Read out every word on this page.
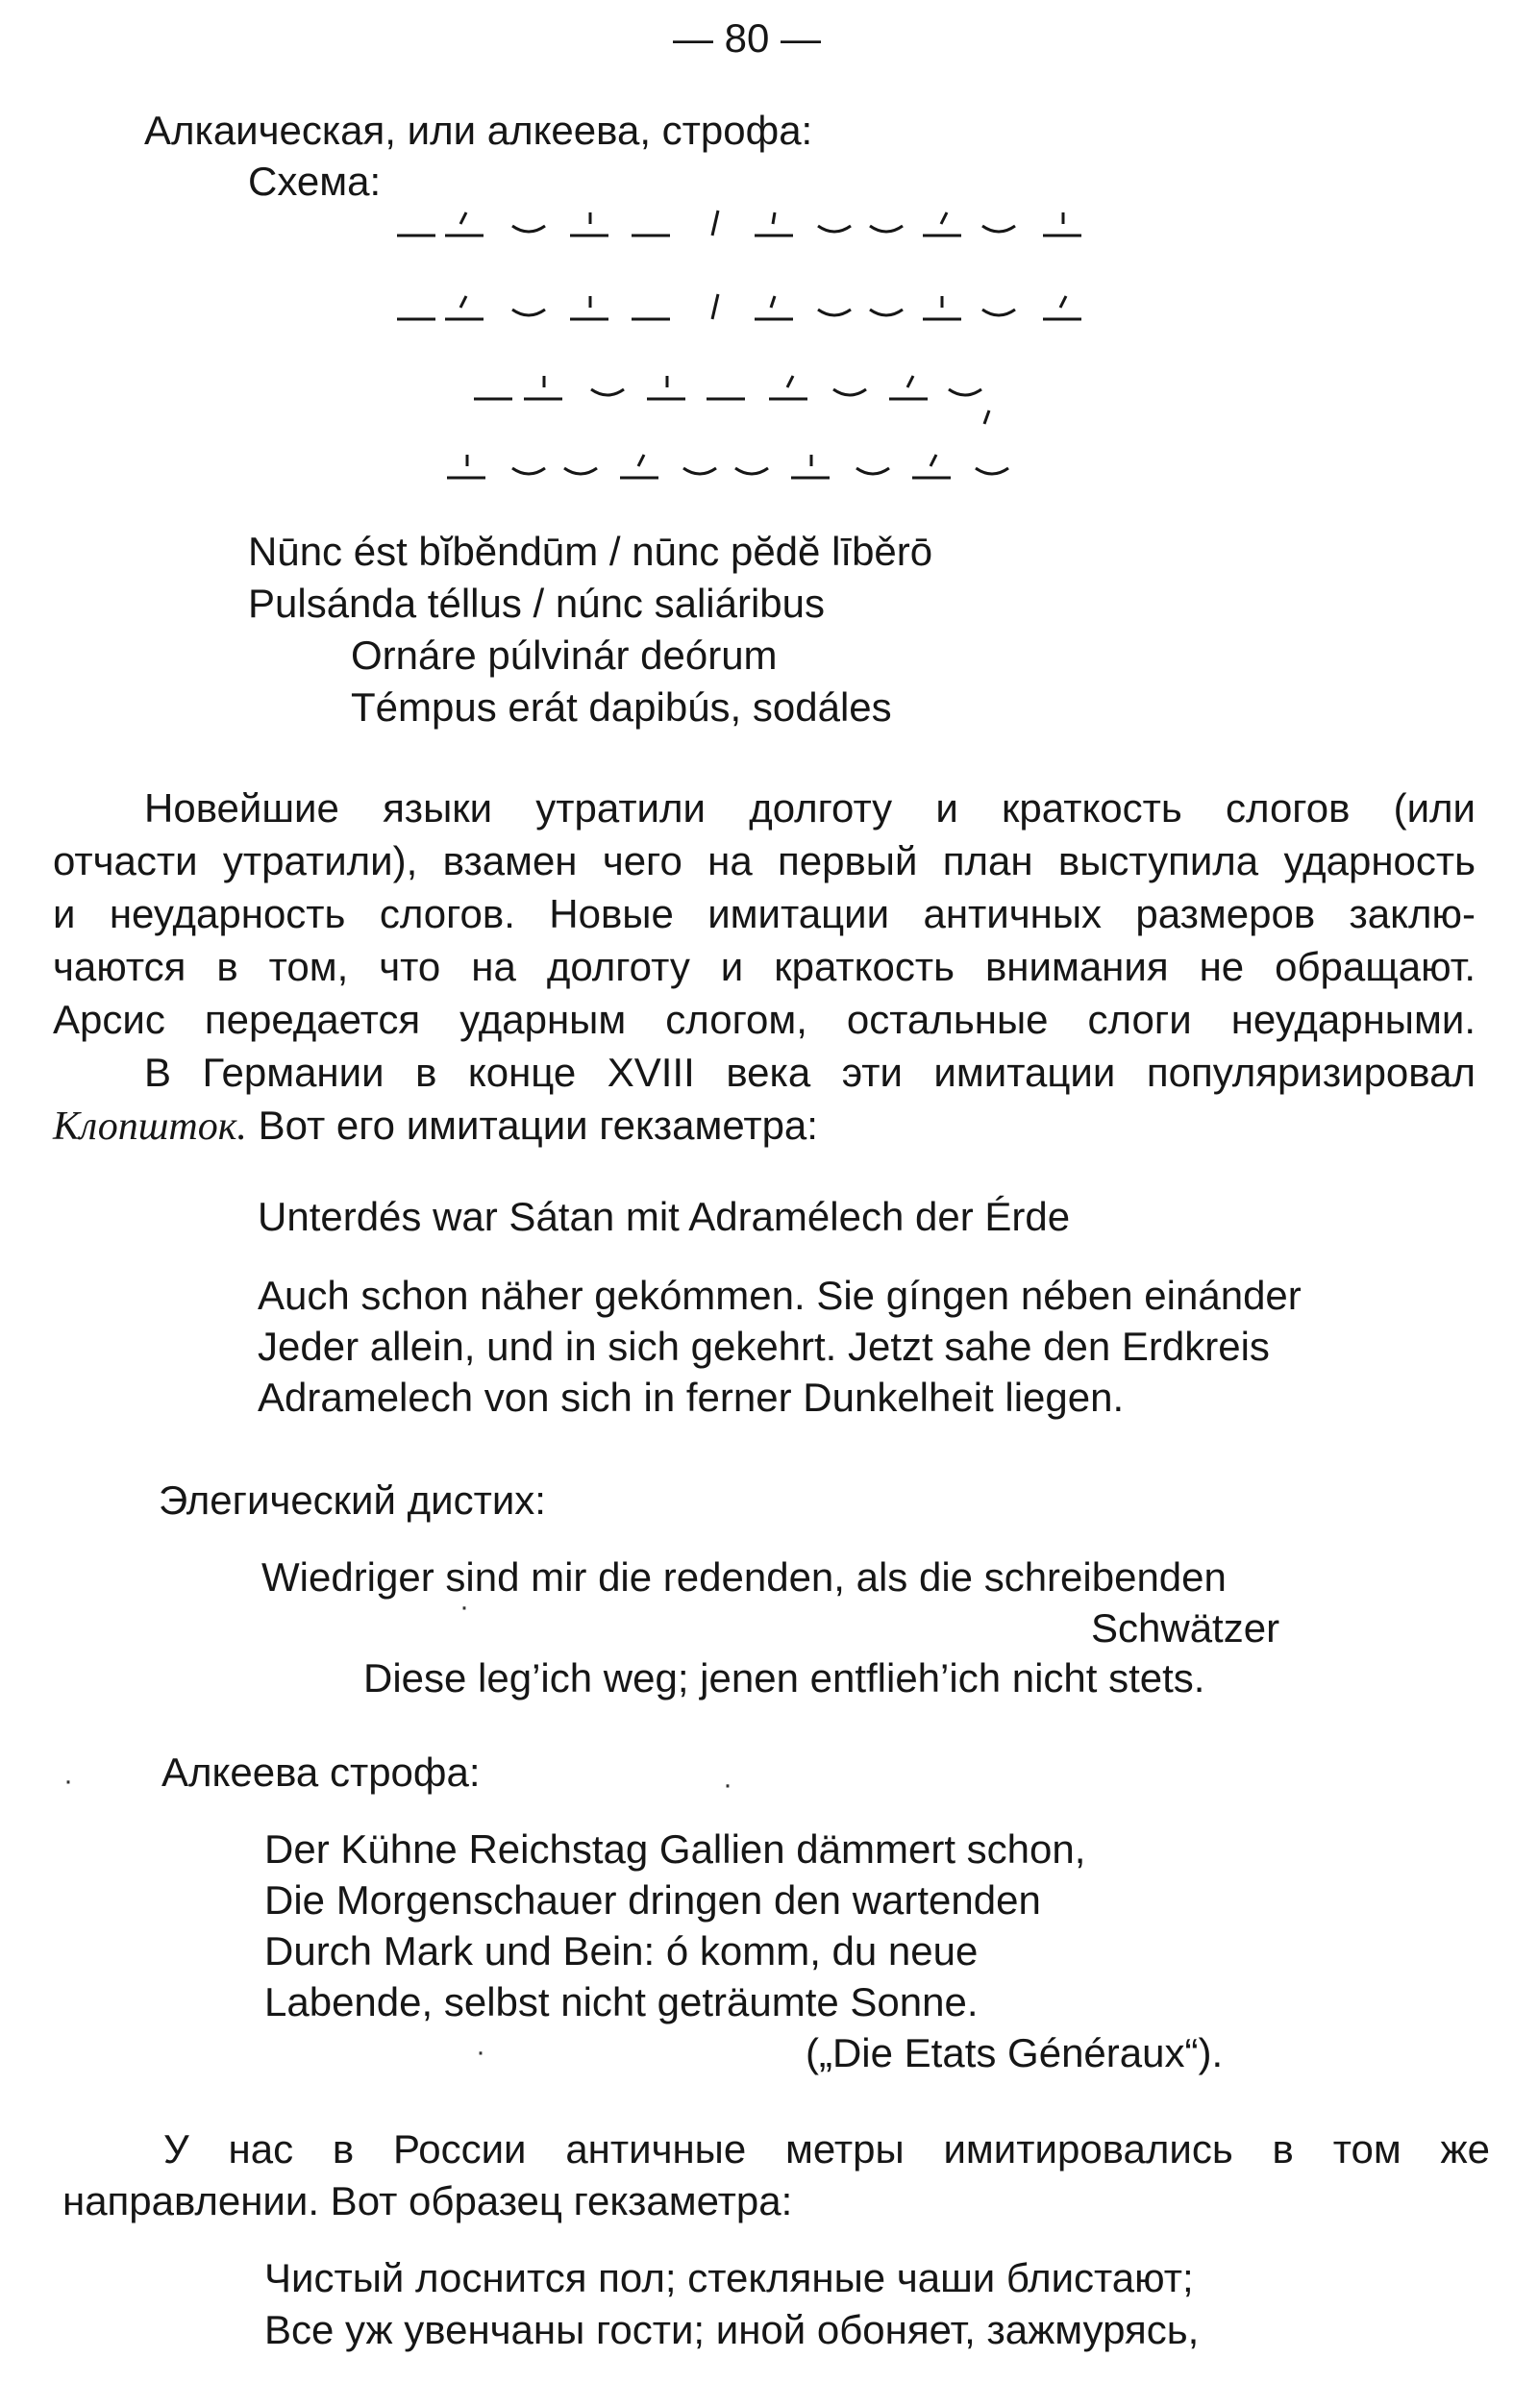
— 80 —
Алкаическая, или алкеева, строфа:
Схема:
Nūnc ést bĭbĕndūm / nūnc pĕdĕ līběrō
Pulsánda téllus / núnc saliáribus
Ornáre púlvinár deórum
Témpus erát dapibús, sodáles
Новейшие языки утратили долготу и краткость слогов (или
отчасти утратили), взамен чего на первый план выступила ударность
и неударность слогов. Новые имитации античных размеров заклю-
чаются в том, что на долготу и краткость внимания не обращают.
Арсис передается ударным слогом, остальные слоги неударными.
В Германии в конце XVIII века эти имитации популяризировал
Клопшток. Вот его имитации гекзаметра:
Unterdés war Sátan mit Adramélech der Érde
Auch schon näher gekómmen. Sie gíngen nében einánder
Jeder allein, und in sich gekehrt. Jetzt sahe den Erdkreis
Adramelech von sich in ferner Dunkelheit liegen.
Элегический дистих:
Wiedriger sind mir die redenden, als die schreibenden
·	Schwätzer
Diese leg’ich weg; jenen entflieh’ich nicht stets.
· Алкеева строфа:	·
Der Kühne Reichstag Gallien dämmert schon,
Die Morgenschauer dringen den wartenden
Durch Mark und Bein: ó komm, du neue
Labende, selbst nicht geträumte Sonne.
·	(„Die Etats Généraux“).
У нас в России античные метры имитировались в том же
направлении. Вот образец гекзаметра:
Чистый лоснится пол; стекляные чаши блистают;
Все уж увенчаны гости; иной обоняет, зажмурясь,
